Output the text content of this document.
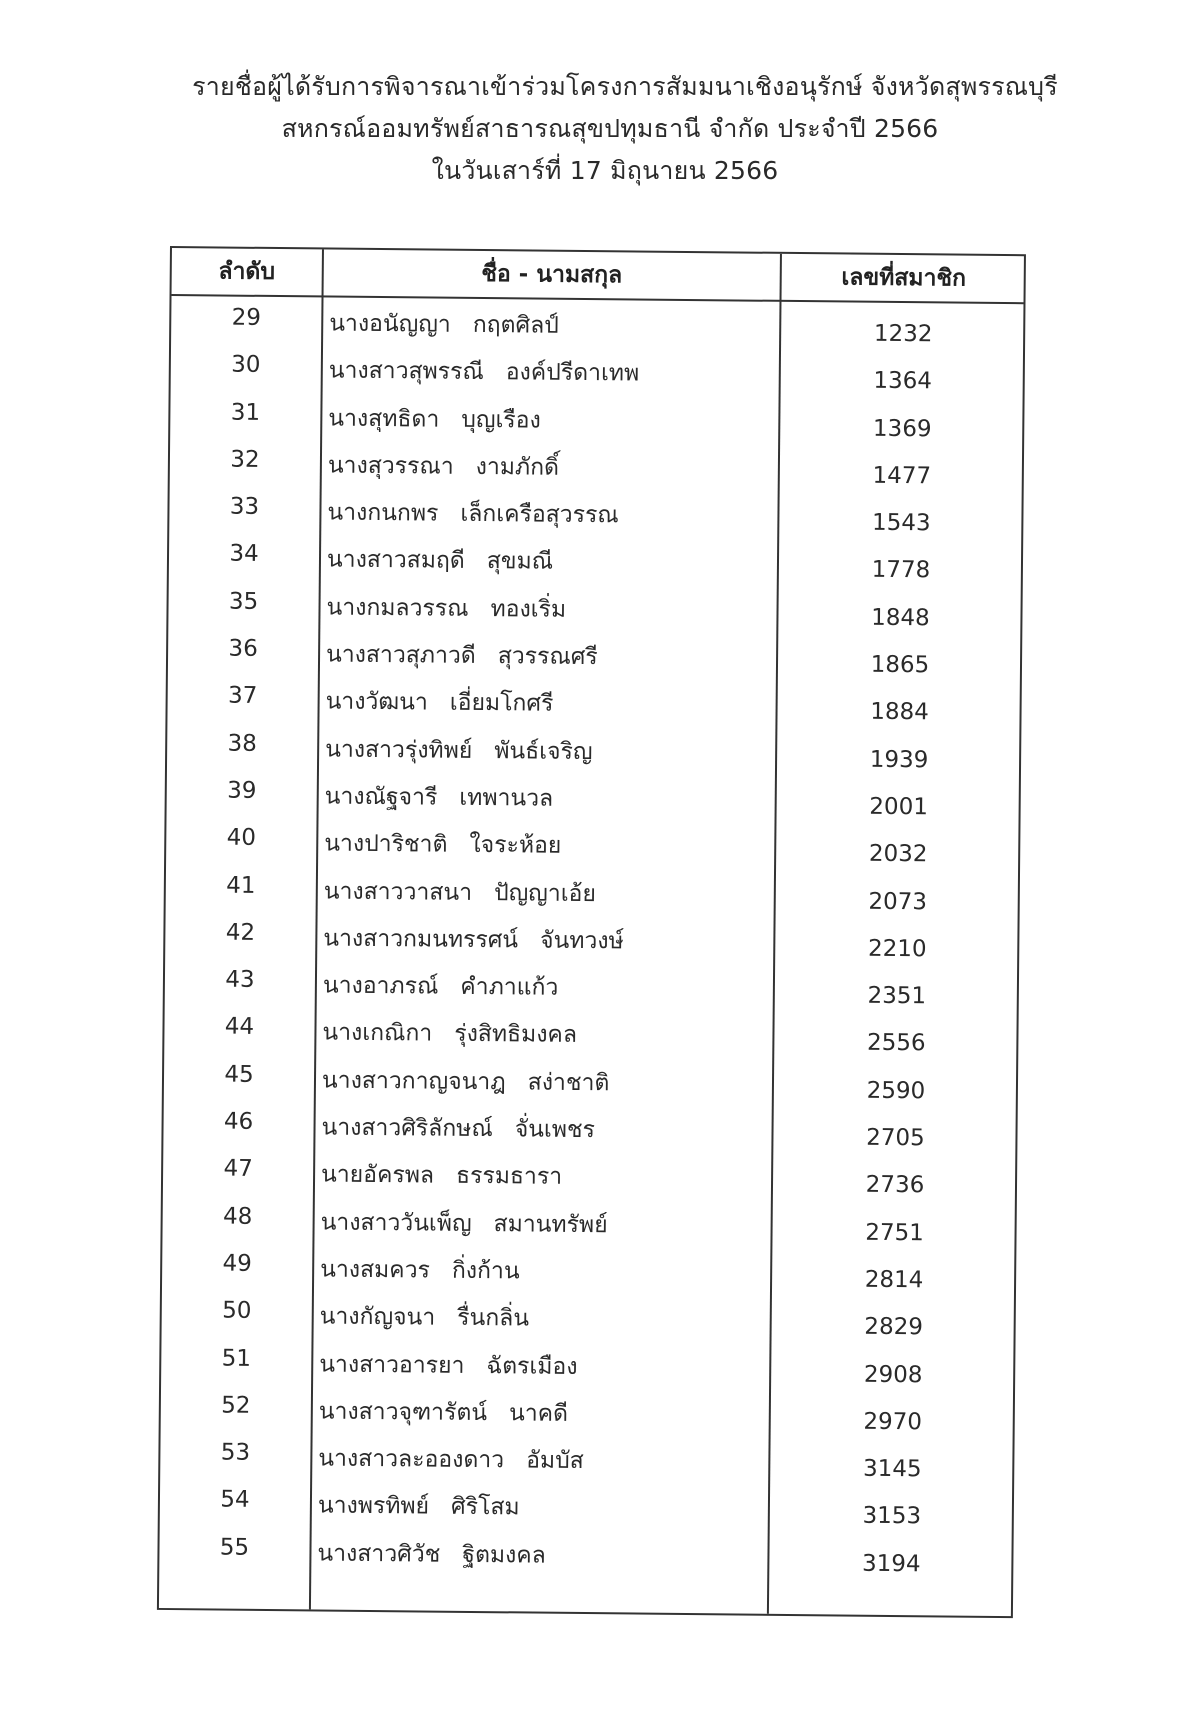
รายชื่อผู้ได้รับการพิจารณาเข้าร่วมโครงการสัมมนาเชิงอนุรักษ์ จังหวัดสุพรรณบุรี
สหกรณ์ออมทรัพย์สาธารณสุขปทุมธานี จำกัด ประจำปี 2566
ในวันเสาร์ที่ 17 มิถุนายน 2566
ลำดับ	ชื่อ - นามสกุล	เลขที่สมาชิก
29	นางอนัญญา กฤตศิลป์	1232
30	นางสาวสุพรรณี องค์ปรีดาเทพ	1364
31	นางสุทธิดา บุญเรือง	1369
32	นางสุวรรณา งามภักดิ์	1477
33	นางกนกพร เล็กเครือสุวรรณ	1543
34	นางสาวสมฤดี สุขมณี	1778
35	นางกมลวรรณ ทองเริ่ม	1848
36	นางสาวสุภาวดี สุวรรณศรี	1865
37	นางวัฒนา เอี่ยมโกศรี	1884
38	นางสาวรุ่งทิพย์ พันธ์เจริญ	1939
39	นางณัฐจารี เทพานวล	2001
40	นางปาริชาติ ใจระห้อย	2032
41	นางสาววาสนา ปัญญาเอ้ย	2073
42	นางสาวกมนทรรศน์ จันทวงษ์	2210
43	นางอาภรณ์ คำภาแก้ว	2351
44	นางเกณิกา รุ่งสิทธิมงคล	2556
45	นางสาวกาญจนาฎ สง่าชาติ	2590
46	นางสาวศิริลักษณ์ จั่นเพชร	2705
47	นายอัครพล ธรรมธารา	2736
48	นางสาววันเพ็ญ สมานทรัพย์	2751
49	นางสมควร กิ่งก้าน	2814
50	นางกัญจนา รื่นกลิ่น	2829
51	นางสาวอารยา ฉัตรเมือง	2908
52	นางสาวจุฑารัตน์ นาคดี	2970
53	นางสาวละอองดาว อัมบัส	3145
54	นางพรทิพย์ ศิริโสม	3153
55	นางสาวศิวัช ฐิตมงคล	3194
